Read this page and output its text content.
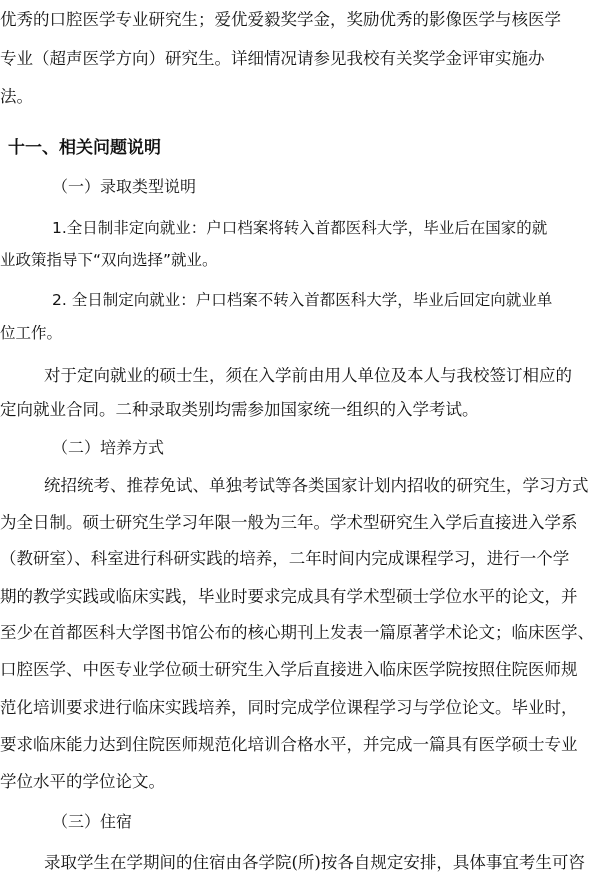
优秀的口腔医学专业研究生；爱优爱毅奖学金，奖励优秀的影像医学与核医学
专业（超声医学方向）研究生。详细情况请参见我校有关奖学金评审实施办
法。
十一、相关问题说明
（一）录取类型说明
1.全日制非定向就业：户口档案将转入首都医科大学，毕业后在国家的就
业政策指导下“双向选择”就业。
2. 全日制定向就业：户口档案不转入首都医科大学，毕业后回定向就业单
位工作。
对于定向就业的硕士生，须在入学前由用人单位及本人与我校签订相应的
定向就业合同。二种录取类别均需参加国家统一组织的入学考试。
（二）培养方式
统招统考、推荐免试、单独考试等各类国家计划内招收的研究生，学习方式
为全日制。硕士研究生学习年限一般为三年。学术型研究生入学后直接进入学系
（教研室）、科室进行科研实践的培养，二年时间内完成课程学习，进行一个学
期的教学实践或临床实践，毕业时要求完成具有学术型硕士学位水平的论文，并
至少在首都医科大学图书馆公布的核心期刊上发表一篇原著学术论文；临床医学、
口腔医学、中医专业学位硕士研究生入学后直接进入临床医学院按照住院医师规
范化培训要求进行临床实践培养，同时完成学位课程学习与学位论文。毕业时，
要求临床能力达到住院医师规范化培训合格水平，并完成一篇具有医学硕士专业
学位水平的学位论文。
（三）住宿
录取学生在学期间的住宿由各学院(所)按各自规定安排，具体事宜考生可咨
